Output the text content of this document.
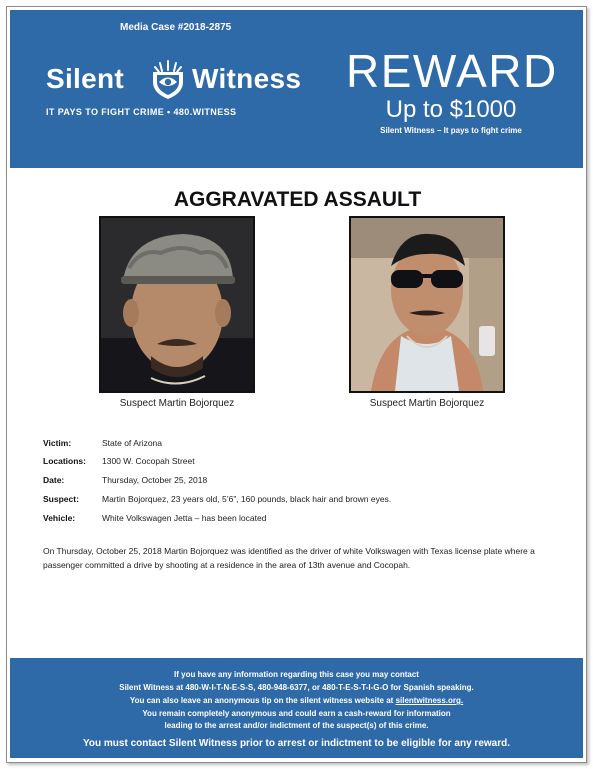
Media Case #2018-2875
Silent Witness
IT PAYS TO FIGHT CRIME • 480.WITNESS
REWARD
Up to $1000
Silent Witness – It pays to fight crime
AGGRAVATED ASSAULT
Suspect Martin Bojorquez	Suspect Martin Bojorquez
Victim:	State of Arizona
Locations: 1300 W. Cocopah Street
Date:	Thursday, October 25, 2018
Suspect:	Martin Bojorquez, 23 years old, 5’6”, 160 pounds, black hair and brown eyes.
Vehicle:	White Volkswagen Jetta – has been located
On Thursday, October 25, 2018 Martin Bojorquez was identified as the driver of white Volkswagen with Texas license plate where a passenger committed a drive by shooting at a residence in the area of 13th avenue and Cocopah.
If you have any information regarding this case you may contact
Silent Witness at 480-W-I-T-N-E-S-S, 480-948-6377, or 480-T-E-S-T-I-G-O for Spanish speaking.
You can also leave an anonymous tip on the silent witness website at silentwitness.org.
You remain completely anonymous and could earn a cash-reward for information
leading to the arrest and/or indictment of the suspect(s) of this crime.
You must contact Silent Witness prior to arrest or indictment to be eligible for any reward.
